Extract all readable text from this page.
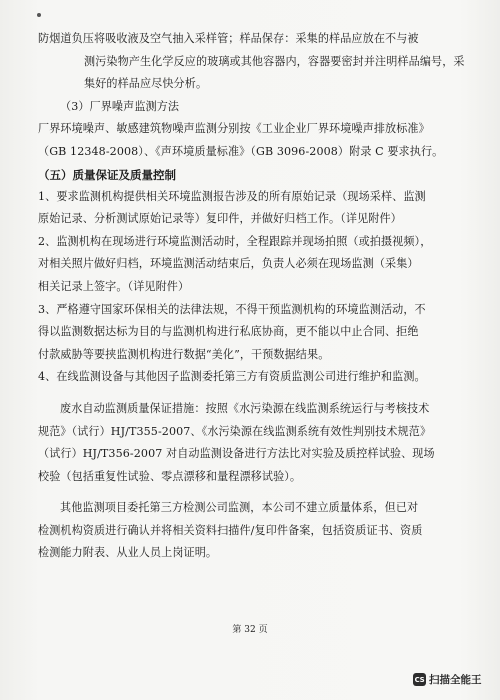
防烟道负压将吸收液及空气抽入采样管；样品保存：采集的样品应放在不与被

测污染物产生化学反应的玻璃或其他容器内，容器要密封并注明样品编号，采

集好的样品应尽快分析。

（3）厂界噪声监测方法

厂界环境噪声、敏感建筑物噪声监测分别按《工业企业厂界环境噪声排放标准》

（GB 12348-2008）、《声环境质量标准》（GB 3096-2008）附录 C 要求执行。

（五）质量保证及质量控制

1、要求监测机构提供相关环境监测报告涉及的所有原始记录（现场采样、监测

原始记录、分析测试原始记录等）复印件，并做好归档工作。（详见附件）

2、监测机构在现场进行环境监测活动时，全程跟踪并现场拍照（或拍摄视频），

对相关照片做好归档，环境监测活动结束后，负责人必须在现场监测（采集）

相关记录上签字。（详见附件）

3、严格遵守国家环保相关的法律法规，不得干预监测机构的环境监测活动，不

得以监测数据达标为目的与监测机构进行私底协商，更不能以中止合同、拒绝

付款威胁等要挟监测机构进行数据“美化”，干预数据结果。

4、在线监测设备与其他因子监测委托第三方有资质监测公司进行维护和监测。

废水自动监测质量保证措施：按照《水污染源在线监测系统运行与考核技术

规范》（试行）HJ/T355-2007、《水污染源在线监测系统有效性判别技术规范》

（试行）HJ/T356-2007 对自动监测设备进行方法比对实验及质控样试验、现场

校验（包括重复性试验、零点漂移和量程漂移试验）。

其他监测项目委托第三方检测公司监测，本公司不建立质量体系，但已对

检测机构资质进行确认并将相关资料扫描件/复印件备案，包括资质证书、资质

检测能力附表、从业人员上岗证明。

第 32 页
CS 扫描全能王
